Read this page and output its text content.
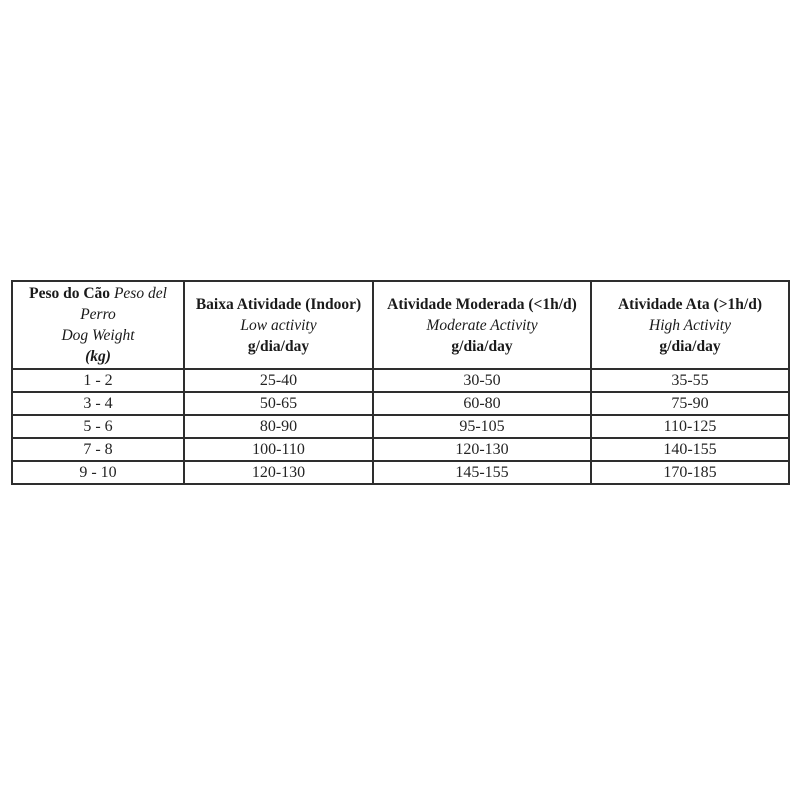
Peso do Cão Peso del
Perro
Dog Weight
(kg)

Baixa Atividade (Indoor)
Low activity
g/dia/day

Atividade Moderada (<1h/d)
Moderate Activity
g/dia/day

Atividade Ata (>1h/d)
High Activity
g/dia/day

1 - 2	25-40	30-50	35-55
3 - 4	50-65	60-80	75-90
5 - 6	80-90	95-105	110-125
7 - 8	100-110	120-130	140-155
9 - 10	120-130	145-155	170-185
